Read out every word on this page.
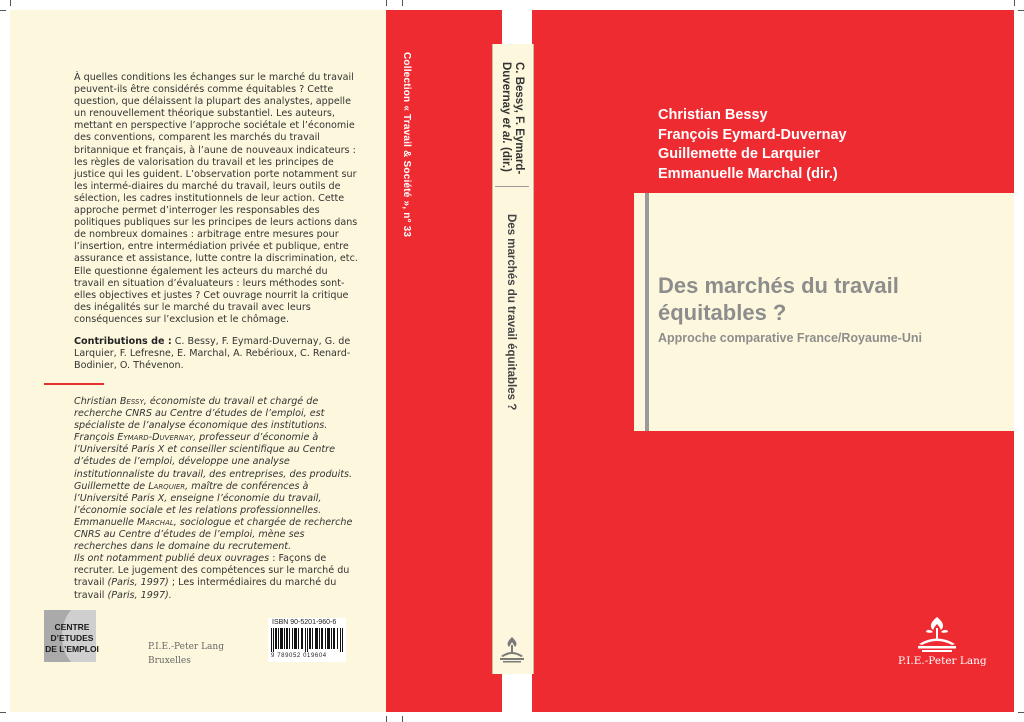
À quelles conditions les échanges sur le marché du travail peuvent-ils être considérés comme équitables ? Cette question, que délaissent la plupart des analystes, appelle un renouvellement théorique substantiel. Les auteurs, mettant en perspective l’approche sociétale et l’économie des conventions, comparent les marchés du travail britannique et français, à l’aune de nouveaux indicateurs : les règles de valorisation du travail et les principes de justice qui les guident. L’observation porte notamment sur les intermé-diaires du marché du travail, leurs outils de sélection, les cadres institutionnels de leur action. Cette approche permet d’interroger les responsables des politiques publiques sur les principes de leurs actions dans de nombreux domaines : arbitrage entre mesures pour l’insertion, entre intermédiation privée et publique, entre assurance et assistance, lutte contre la discrimination, etc. Elle questionne également les acteurs du marché du travail en situation d’évaluateurs : leurs méthodes sont-elles objectives et justes ? Cet ouvrage nourrit la critique des inégalités sur le marché du travail avec leurs conséquences sur l’exclusion et le chômage.

Contributions de : C. Bessy, F. Eymard-Duvernay, G. de Larquier, F. Lefresne, E. Marchal, A. Rebérioux, C. Renard-Bodinier, O. Thévenon.
Christian Bessy, économiste du travail et chargé de recherche CNRS au Centre d’études de l’emploi, est spécialiste de l’analyse économique des institutions. François Eymard-Duvernay, professeur d’économie à l’Université Paris X et conseiller scientifique au Centre d’études de l’emploi, développe une analyse institutionnaliste du travail, des entreprises, des produits. Guillemette de Larquier, maître de conférences à l’Université Paris X, enseigne l’économie du travail, l’économie sociale et les relations professionnelles. Emmanuelle Marchal, sociologue et chargée de recherche CNRS au Centre d’études de l’emploi, mène ses recherches dans le domaine du recrutement.
Ils ont notamment publié deux ouvrages : Façons de recruter. Le jugement des compétences sur le marché du travail (Paris, 1997) ; Les intermédiaires du marché du travail (Paris, 1997).
CENTRE
D’ETUDES
DE L’EMPLOI	P.I.E.-Peter Lang
Bruxelles
ISBN 90-5201-960-6
9 789052 019604
Collection « Travail & Société », n° 33	C. Bessy, F. Eymard-
Duvernay et al. (dir.)
Des marchés du travail équitables ?
Christian Bessy
François Eymard-Duvernay
Guillemette de Larquier
Emmanuelle Marchal (dir.)
Des marchés du travail
équitables ?
Approche comparative France/Royaume-Uni
P.I.E.-Peter Lang
